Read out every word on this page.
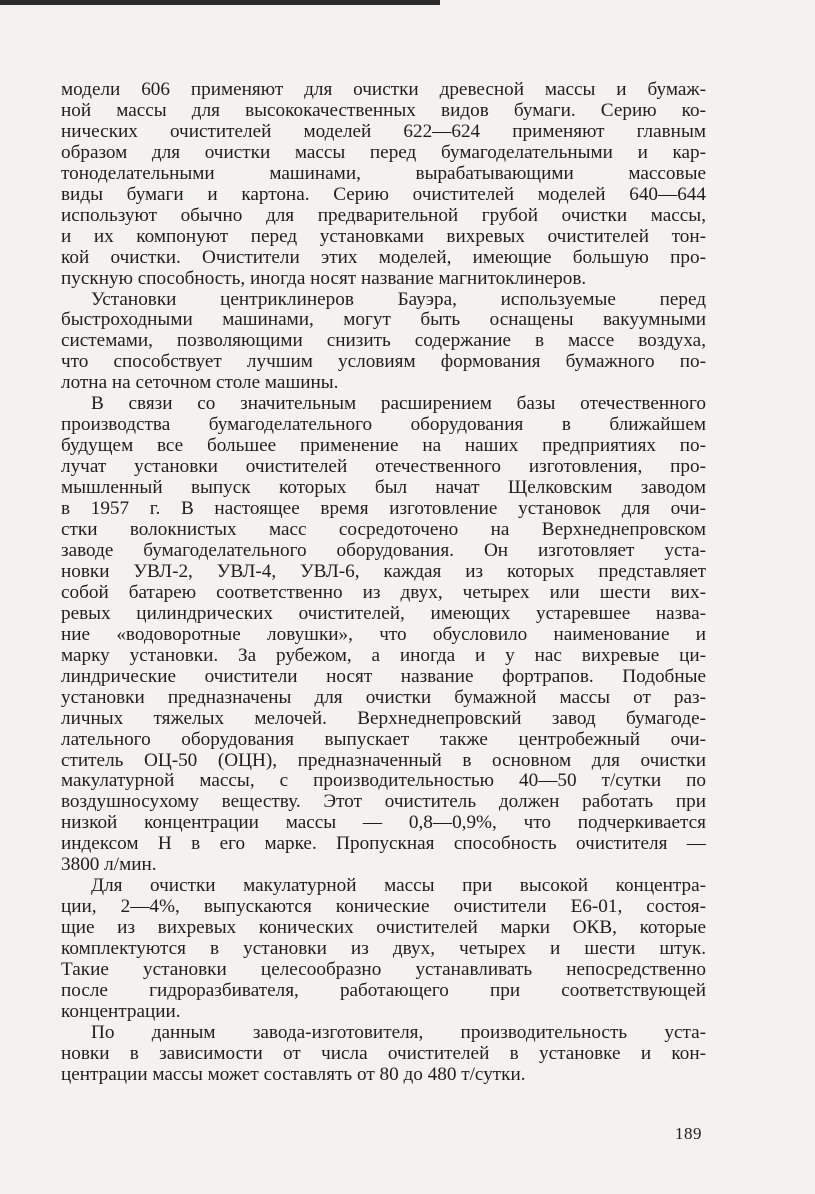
модели 606 применяют для очистки древесной массы и бумаж-
ной массы для высококачественных видов бумаги. Серию ко-
нических очистителей моделей 622—624 применяют главным
образом для очистки массы перед бумагоделательными и кар-
тоноделательными машинами, вырабатывающими массовые
виды бумаги и картона. Серию очистителей моделей 640—644
используют обычно для предварительной грубой очистки массы,
и их компонуют перед установками вихревых очистителей тон-
кой очистки. Очистители этих моделей, имеющие большую про-
пускную способность, иногда носят название магнитоклинеров.

Установки центриклинеров Бауэра, используемые перед
быстроходными машинами, могут быть оснащены вакуумными
системами, позволяющими снизить содержание в массе воздуха,
что способствует лучшим условиям формования бумажного по-
лотна на сеточном столе машины.

В связи со значительным расширением базы отечественного
производства бумагоделательного оборудования в ближайшем
будущем все большее применение на наших предприятиях по-
лучат установки очистителей отечественного изготовления, про-
мышленный выпуск которых был начат Щелковским заводом
в 1957 г. В настоящее время изготовление установок для очи-
стки волокнистых масс сосредоточено на Верхнеднепровском
заводе бумагоделательного оборудования. Он изготовляет уста-
новки УВЛ-2, УВЛ-4, УВЛ-6, каждая из которых представляет
собой батарею соответственно из двух, четырех или шести вих-
ревых цилиндрических очистителей, имеющих устаревшее назва-
ние «водоворотные ловушки», что обусловило наименование и
марку установки. За рубежом, а иногда и у нас вихревые ци-
линдрические очистители носят название фортрапов. Подобные
установки предназначены для очистки бумажной массы от раз-
личных тяжелых мелочей. Верхнеднепровский завод бумагоде-
лательного оборудования выпускает также центробежный очи-
ститель ОЦ-50 (ОЦН), предназначенный в основном для очистки
макулатурной массы, с производительностью 40—50 т/сутки по
воздушносухому веществу. Этот очиститель должен работать при
низкой концентрации массы — 0,8—0,9%, что подчеркивается
индексом Н в его марке. Пропускная способность очистителя —
3800 л/мин.

Для очистки макулатурной массы при высокой концентра-
ции, 2—4%, выпускаются конические очистители Е6-01, состоя-
щие из вихревых конических очистителей марки ОКВ, которые
комплектуются в установки из двух, четырех и шести штук.
Такие установки целесообразно устанавливать непосредственно
после гидроразбивателя, работающего при соответствующей
концентрации.

По данным завода-изготовителя, производительность уста-
новки в зависимости от числа очистителей в установке и кон-
центрации массы может составлять от 80 до 480 т/сутки.

189
